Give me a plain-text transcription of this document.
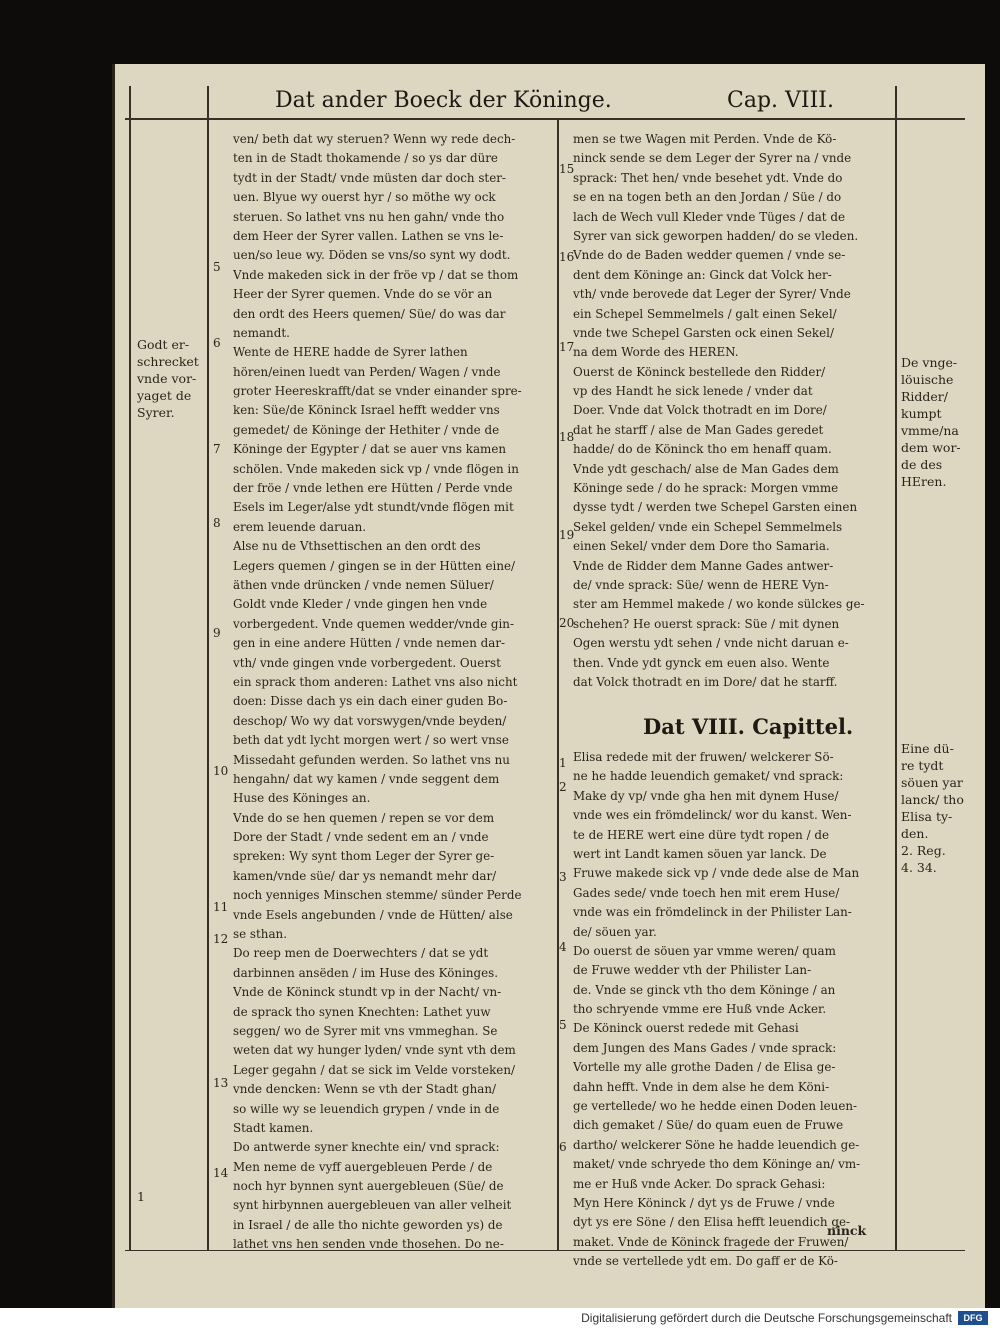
Dat ander Boeck der Köninge.	Cap. VIII.
ven/ beth dat wy steruen? Wenn wy rede dech-
ten in de Stadt thokamende / so ys dar düre
tydt in der Stadt/ vnde müsten dar doch ster-
uen. Blyue wy ouerst hyr / so möthe wy ock
steruen. So lathet vns nu hen gahn/ vnde tho
dem Heer der Syrer vallen. Lathen se vns le-
uen/so leue wy. Döden se vns/so synt wy dodt.
Vnde makeden sick in der fröe vp / dat se thom
Heer der Syrer quemen. Vnde do se vör an
den ordt des Heers quemen/ Süe/ do was dar
nemandt.
Wente de HERE hadde de Syrer lathen
hören/einen luedt van Perden/ Wagen / vnde
groter Heereskrafft/dat se vnder einander spre-
ken: Süe/de Köninck Israel hefft wedder vns
gemedet/ de Köninge der Hethiter / vnde de
Köninge der Egypter / dat se auer vns kamen
schölen. Vnde makeden sick vp / vnde flögen in
der fröe / vnde lethen ere Hütten / Perde vnde
Esels im Leger/alse ydt stundt/vnde flögen mit
erem leuende daruan.
Alse nu de Vthsettischen an den ordt des
Legers quemen / gingen se in der Hütten eine/
äthen vnde drüncken / vnde nemen Süluer/
Goldt vnde Kleder / vnde gingen hen vnde
vorbergedent. Vnde quemen wedder/vnde gin-
gen in eine andere Hütten / vnde nemen dar-
vth/ vnde gingen vnde vorbergedent. Ouerst
ein sprack thom anderen: Lathet vns also nicht
doen: Disse dach ys ein dach einer guden Bo-
deschop/ Wo wy dat vorswygen/vnde beyden/
beth dat ydt lycht morgen wert / so wert vnse
Missedaht gefunden werden. So lathet vns nu
hengahn/ dat wy kamen / vnde seggent dem
Huse des Köninges an.
Vnde do se hen quemen / repen se vor dem
Dore der Stadt / vnde sedent em an / vnde
spreken: Wy synt thom Leger der Syrer ge-
kamen/vnde süe/ dar ys nemandt mehr dar/
noch yenniges Minschen stemme/ sünder Perde
vnde Esels angebunden / vnde de Hütten/ alse
se sthan.
Do reep men de Doerwechters / dat se ydt
darbinnen ansëden / im Huse des Köninges.
Vnde de Köninck stundt vp in der Nacht/ vn-
de sprack tho synen Knechten: Lathet yuw
seggen/ wo de Syrer mit vns vmmeghan. Se
weten dat wy hunger lyden/ vnde synt vth dem
Leger gegahn / dat se sick im Velde vorsteken/
vnde dencken: Wenn se vth der Stadt ghan/
so wille wy se leuendich grypen / vnde in de
Stadt kamen.
Do antwerde syner knechte ein/ vnd sprack:
Men neme de vyff auergebleuen Perde / de
noch hyr bynnen synt auergebleuen (Süe/ de
synt hirbynnen auergebleuen van aller velheit
in Israel / de alle tho nichte geworden ys) de
lathet vns hen senden vnde thosehen. Do ne-
men se twe Wagen mit Perden. Vnde de Kö-
ninck sende se dem Leger der Syrer na / vnde
sprack: Thet hen/ vnde besehet ydt. Vnde do
se en na togen beth an den Jordan / Süe / do
lach de Wech vull Kleder vnde Tüges / dat de
Syrer van sick geworpen hadden/ do se vleden.
Vnde do de Baden wedder quemen / vnde se-
dent dem Köninge an: Ginck dat Volck her-
vth/ vnde berovede dat Leger der Syrer/ Vnde
ein Schepel Semmelmels / galt einen Sekel/
vnde twe Schepel Garsten ock einen Sekel/
na dem Worde des HEREN.
Ouerst de Köninck bestellede den Ridder/
vp des Handt he sick lenede / vnder dat
Doer. Vnde dat Volck thotradt en im Dore/
dat he starff / alse de Man Gades geredet
hadde/ do de Köninck tho em henaff quam.
Vnde ydt geschach/ alse de Man Gades dem
Köninge sede / do he sprack: Morgen vmme
dysse tydt / werden twe Schepel Garsten einen
Sekel gelden/ vnde ein Schepel Semmelmels
einen Sekel/ vnder dem Dore tho Samaria.
Vnde de Ridder dem Manne Gades antwer-
de/ vnde sprack: Süe/ wenn de HERE Vyn-
ster am Hemmel makede / wo konde sülckes ge-
schehen? He ouerst sprack: Süe / mit dynen
Ogen werstu ydt sehen / vnde nicht daruan e-
then. Vnde ydt gynck em euen also. Wente
dat Volck thotradt en im Dore/ dat he starff.
Dat VIII. Capittel.
Elisa redede mit der fruwen/ welckerer Sö-
ne he hadde leuendich gemaket/ vnd sprack:
Make dy vp/ vnde gha hen mit dynem Huse/
vnde wes ein frömdelinck/ wor du kanst. Wen-
te de HERE wert eine düre tydt ropen / de
wert int Landt kamen söuen yar lanck. De
Fruwe makede sick vp / vnde dede alse de Man
Gades sede/ vnde toech hen mit erem Huse/
vnde was ein frömdelinck in der Philister Lan-
de/ söuen yar.
Do ouerst de söuen yar vmme weren/ quam
de Fruwe wedder vth der Philister Lan-
de. Vnde se ginck vth tho dem Köninge / an
tho schryende vmme ere Huß vnde Acker.
De Köninck ouerst redede mit Gehasi
dem Jungen des Mans Gades / vnde sprack:
Vortelle my alle grothe Daden / de Elisa ge-
dahn hefft. Vnde in dem alse he dem Köni-
ge vertellede/ wo he hedde einen Doden leuen-
dich gemaket / Süe/ do quam euen de Fruwe
dartho/ welckerer Söne he hadde leuendich ge-
maket/ vnde schryede tho dem Köninge an/ vm-
me er Huß vnde Acker. Do sprack Gehasi:
Myn Here Köninck / dyt ys de Fruwe / vnde
dyt ys ere Söne / den Elisa hefft leuendich ge-
maket. Vnde de Köninck fragede der Fruwen/
vnde se vertellede ydt em. Do gaff er de Kö-
5
6
7
8
9
10
11
12
13
14
15
16
17
18
19
20
1
2
3
4
5
6
Godt er-
schrecket
vnde vor-
yaget de
Syrer.
De vnge-
löuische
Ridder/
kumpt
vmme/na
dem wor-
de des
HEren.
Eine dü-
re tydt
söuen yar
lanck/ tho
Elisa ty-
den.
2. Reg.
4. 34.
ninck
1
Digitalisierung gefördert durch die Deutsche Forschungsgemeinschaft	DFG
